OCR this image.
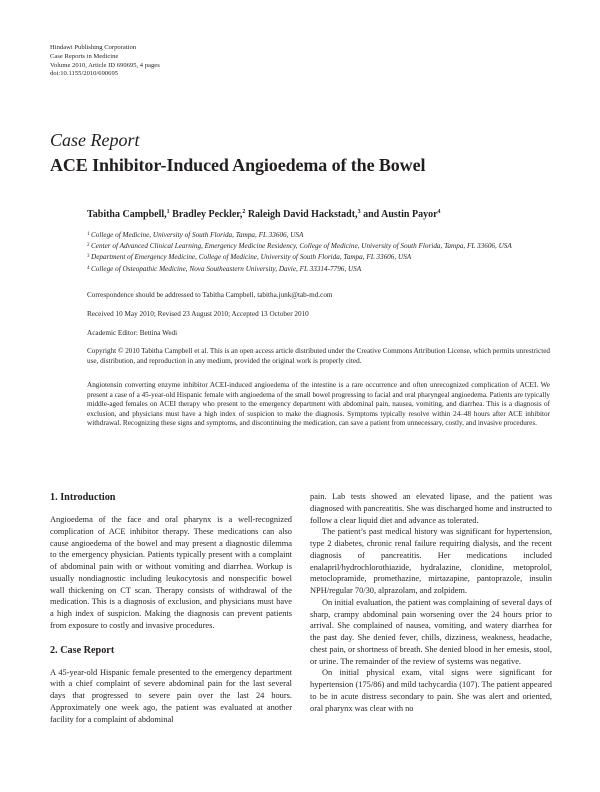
Hindawi Publishing Corporation
Case Reports in Medicine
Volume 2010, Article ID 690695, 4 pages
doi:10.1155/2010/690695
Case Report
ACE Inhibitor-Induced Angioedema of the Bowel
Tabitha Campbell,$^1$ Bradley Peckler,$^2$ Raleigh David Hackstadt,$^3$ and Austin Payor$^4$
1 College of Medicine, University of South Florida, Tampa, FL 33606, USA
2 Center of Advanced Clinical Learning, Emergency Medicine Residency, College of Medicine, University of South Florida, Tampa, FL 33606, USA
3 Department of Emergency Medicine, College of Medicine, University of South Florida, Tampa, FL 33606, USA
4 College of Osteopathic Medicine, Nova Southeastern University, Davie, FL 33314-7796, USA
Correspondence should be addressed to Tabitha Campbell, tabitha.junk@tab-md.com
Received 10 May 2010; Revised 23 August 2010; Accepted 13 October 2010
Academic Editor: Bettina Wedi
Copyright © 2010 Tabitha Campbell et al. This is an open access article distributed under the Creative Commons Attribution License, which permits unrestricted use, distribution, and reproduction in any medium, provided the original work is properly cited.
Angiotensin converting enzyme inhibitor ACEI-induced angioedema of the intestine is a rare occurrence and often unrecognized complication of ACEI. We present a case of a 45-year-old Hispanic female with angioedema of the small bowel progressing to facial and oral pharyngeal angioedema. Patients are typically middle-aged females on ACEI therapy who present to the emergency department with abdominal pain, nausea, vomiting, and diarrhea. This is a diagnosis of exclusion, and physicians must have a high index of suspicion to make the diagnosis. Symptoms typically resolve within 24–48 hours after ACE inhibitor withdrawal. Recognizing these signs and symptoms, and discontinuing the medication, can save a patient from unnecessary, costly, and invasive procedures.
1. Introduction

Angioedema of the face and oral pharynx is a well-recognized complication of ACE inhibitor therapy. These medications can also cause angioedema of the bowel and may present a diagnostic dilemma to the emergency physician. Patients typically present with a complaint of abdominal pain with or without vomiting and diarrhea. Workup is usually nondiagnostic including leukocytosis and nonspecific bowel wall thickening on CT scan. Therapy consists of withdrawal of the medication. This is a diagnosis of exclusion, and physicians must have a high index of suspicion. Making the diagnosis can prevent patients from exposure to costly and invasive procedures.

2. Case Report

A 45-year-old Hispanic female presented to the emergency department with a chief complaint of severe abdominal pain for the last several days that progressed to severe pain over the last 24 hours. Approximately one week ago, the patient was evaluated at another facility for a complaint of abdominal

pain. Lab tests showed an elevated lipase, and the patient was diagnosed with pancreatitis. She was discharged home and instructed to follow a clear liquid diet and advance as tolerated.

The patient’s past medical history was significant for hypertension, type 2 diabetes, chronic renal failure requiring dialysis, and the recent diagnosis of pancreatitis. Her medications included enalapril/hydrochlorothiazide, hydralazine, clonidine, metoprolol, metoclopramide, promethazine, mirtazapine, pantoprazole, insulin NPH/regular 70/30, alprazolam, and zolpidem.

On initial evaluation, the patient was complaining of several days of sharp, crampy abdominal pain worsening over the 24 hours prior to arrival. She complained of nausea, vomiting, and watery diarrhea for the past day. She denied fever, chills, dizziness, weakness, headache, chest pain, or shortness of breath. She denied blood in her emesis, stool, or urine. The remainder of the review of systems was negative.

On initial physical exam, vital signs were significant for hypertension (175/86) and mild tachycardia (107). The patient appeared to be in acute distress secondary to pain. She was alert and oriented, oral pharynx was clear with no
